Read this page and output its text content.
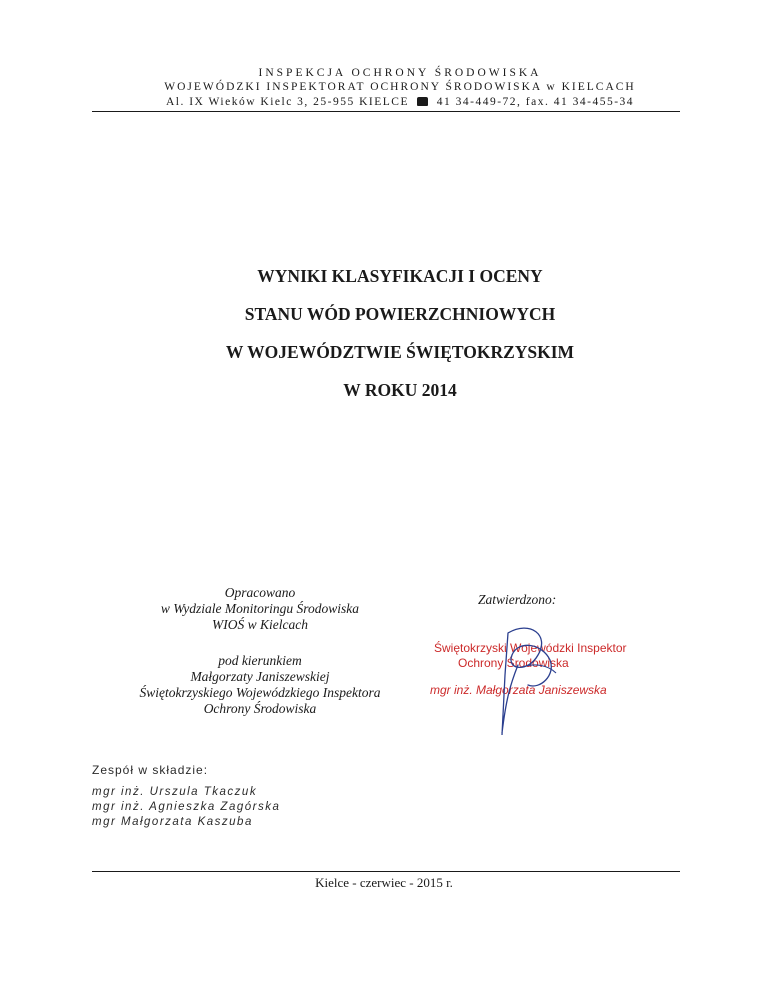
INSPEKCJA OCHRONY ŚRODOWISKA
WOJEWÓDZKI INSPEKTORAT OCHRONY ŚRODOWISKA w KIELCACH
Al. IX Wieków Kielc 3, 25-955 KIELCE 41 34-449-72, fax. 41 34-455-34
WYNIKI KLASYFIKACJI I OCENY
STANU WÓD POWIERZCHNIOWYCH
W WOJEWÓDZTWIE ŚWIĘTOKRZYSKIM
W ROKU 2014
Opracowano
w Wydziale Monitoringu Środowiska
WIOŚ w Kielcach
pod kierunkiem
Małgorzaty Janiszewskiej
Świętokrzyskiego Wojewódzkiego Inspektora
Ochrony Środowiska
Zatwierdzono:
Świętokrzyski Wojewódzki Inspektor
Ochrony Środowiska
mgr inż. Małgorzata Janiszewska
Zespół w składzie:
mgr inż. Urszula Tkaczuk
mgr inż. Agnieszka Zagórska
mgr Małgorzata Kaszuba
Kielce - czerwiec - 2015 r.
